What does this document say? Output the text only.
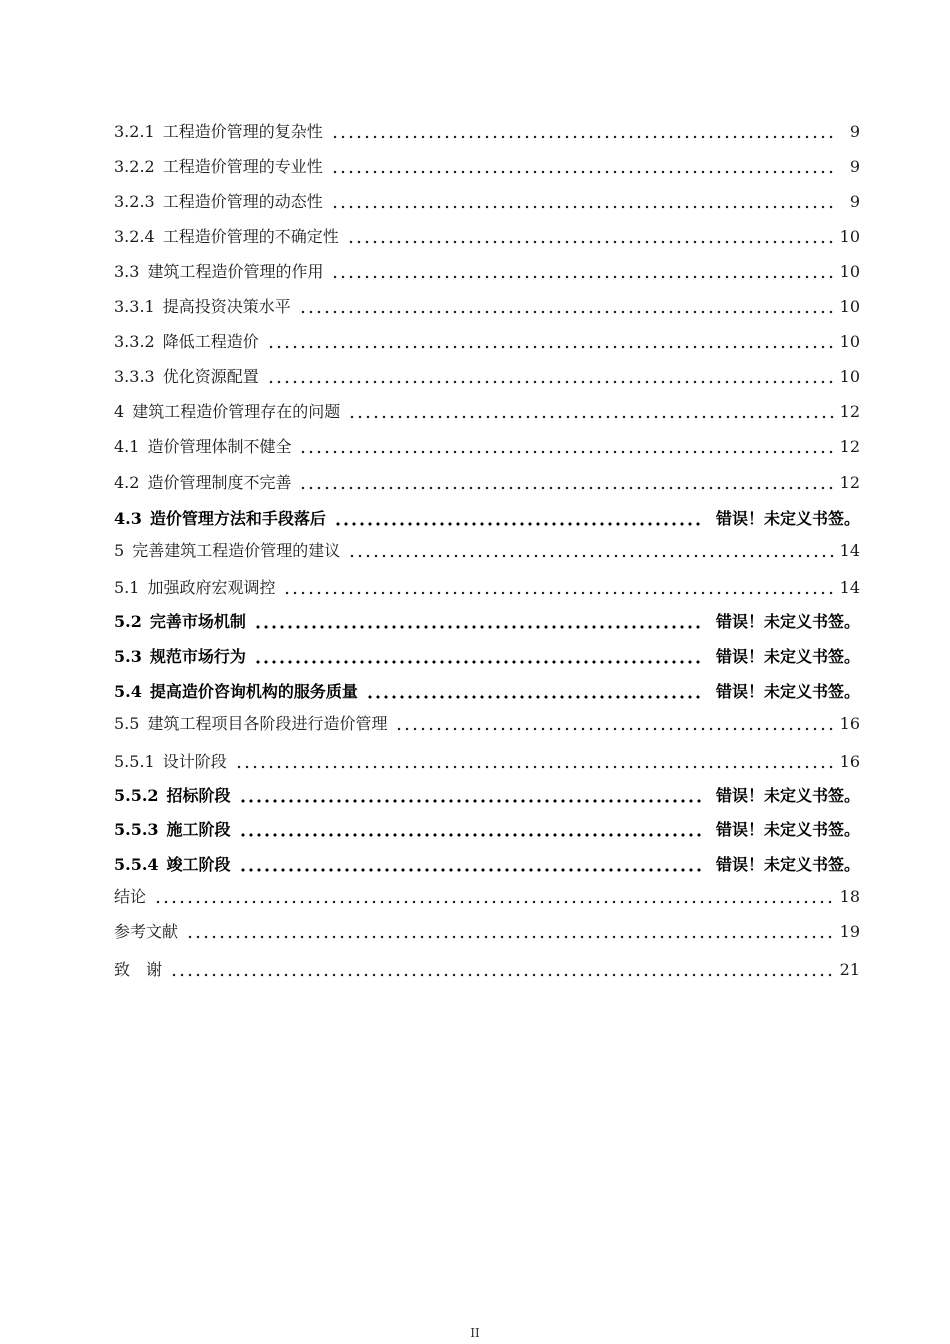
3.2.1 工程造价管理的复杂性	9
3.2.2 工程造价管理的专业性	9
3.2.3 工程造价管理的动态性	9
3.2.4 工程造价管理的不确定性	10
3.3 建筑工程造价管理的作用	10
3.3.1 提高投资决策水平	10
3.3.2 降低工程造价	10
3.3.3 优化资源配置	10
4 建筑工程造价管理存在的问题	12
4.1 造价管理体制不健全	12
4.2 造价管理制度不完善	12
4.3 造价管理方法和手段落后	错误！未定义书签。
5 完善建筑工程造价管理的建议	14
5.1 加强政府宏观调控	14
5.2 完善市场机制	错误！未定义书签。
5.3 规范市场行为	错误！未定义书签。
5.4 提高造价咨询机构的服务质量	错误！未定义书签。
5.5 建筑工程项目各阶段进行造价管理	16
5.5.1 设计阶段	16
5.5.2 招标阶段	错误！未定义书签。
5.5.3 施工阶段	错误！未定义书签。
5.5.4 竣工阶段	错误！未定义书签。
结论	18
参考文献	19
致　谢	21
II
